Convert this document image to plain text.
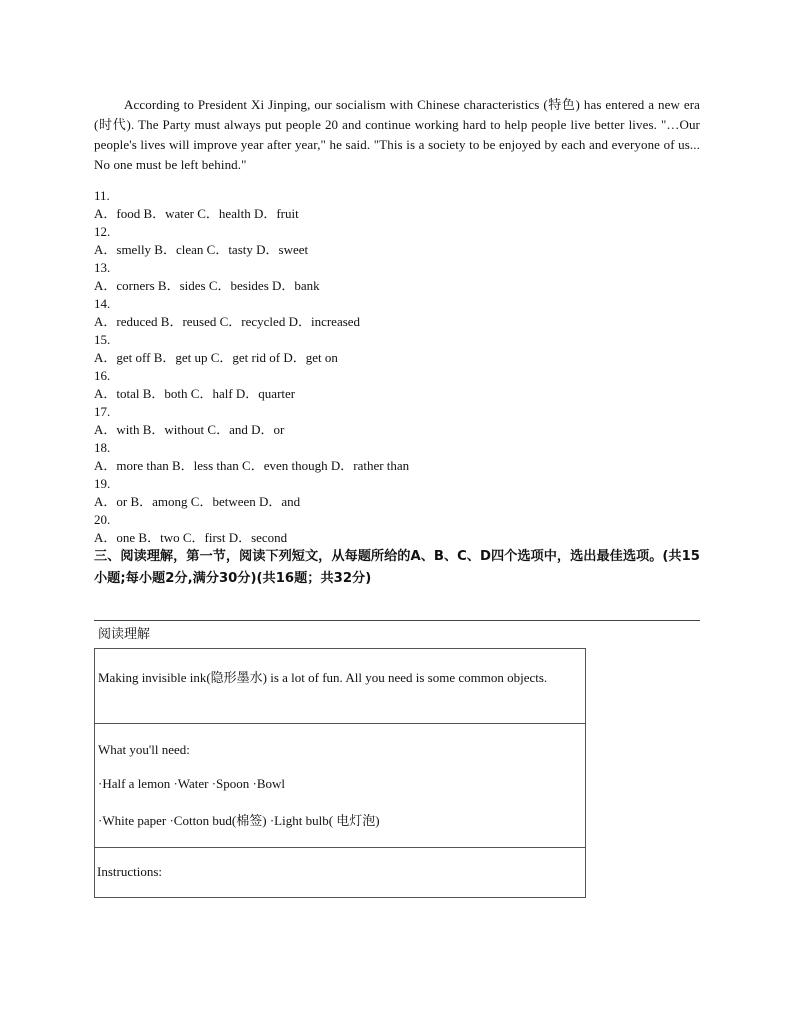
According to President Xi Jinping, our socialism with Chinese characteristics (特色) has entered a new era (时代). The Party must always put people 20 and continue working hard to help people live better lives. "…Our people's lives will improve year after year," he said. "This is a society to be enjoyed by each and everyone of us... No one must be left behind."
11.
A．food B．water C．health D．fruit
12.
A．smelly B．clean C．tasty D．sweet
13.
A．corners B．sides C．besides D．bank
14.
A．reduced B．reused C．recycled D．increased
15.
A．get off B．get up C．get rid of D．get on
16.
A．total B．both C．half D．quarter
17.
A．with B．without C．and D．or
18.
A．more than B．less than C．even though D．rather than
19.
A．or B．among C．between D．and
20.
A．one B．two C．first D．second
三、阅读理解，第一节，阅读下列短文，从每题所给的A、B、C、D四个选项中，选出最佳选项。(共15 小题;每小题2分,满分30分)(共16题；共32分)
阅读理解
Making invisible ink(隐形墨水) is a lot of fun. All you need is some common objects.
What you'll need:
·Half a lemon ·Water ·Spoon ·Bowl
·White paper ·Cotton bud(棉签) ·Light bulb( 电灯泡)
Instructions:
